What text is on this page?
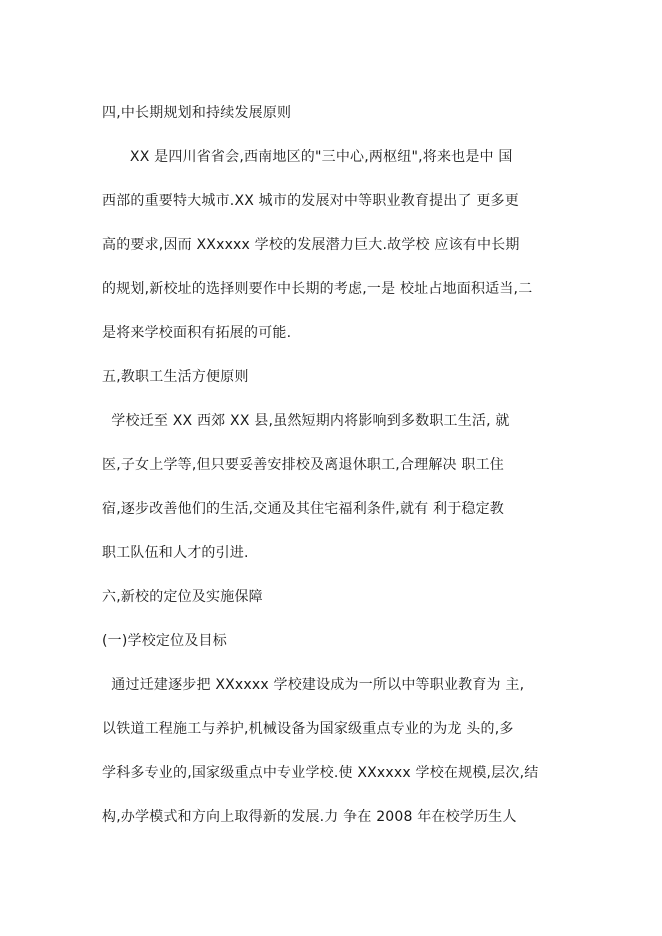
四,中长期规划和持续发展原则
XX 是四川省省会,西南地区的"三中心,两枢纽",将来也是中 国
西部的重要特大城市.XX 城市的发展对中等职业教育提出了 更多更
高的要求,因而 XXxxxx 学校的发展潜力巨大.故学校 应该有中长期
的规划,新校址的选择则要作中长期的考虑,一是 校址占地面积适当,二
是将来学校面积有拓展的可能.
五,教职工生活方便原则
学校迁至 XX 西郊 XX 县,虽然短期内将影响到多数职工生活, 就
医,子女上学等,但只要妥善安排校及离退休职工,合理解决 职工住
宿,逐步改善他们的生活,交通及其住宅福利条件,就有 利于稳定教
职工队伍和人才的引进.
六,新校的定位及实施保障
(一)学校定位及目标
通过迁建逐步把 XXxxxx 学校建设成为一所以中等职业教育为 主,
以铁道工程施工与养护,机械设备为国家级重点专业的为龙 头的,多
学科多专业的,国家级重点中专业学校.使 XXxxxx 学校在规模,层次,结
构,办学模式和方向上取得新的发展.力 争在 2008 年在校学历生人
